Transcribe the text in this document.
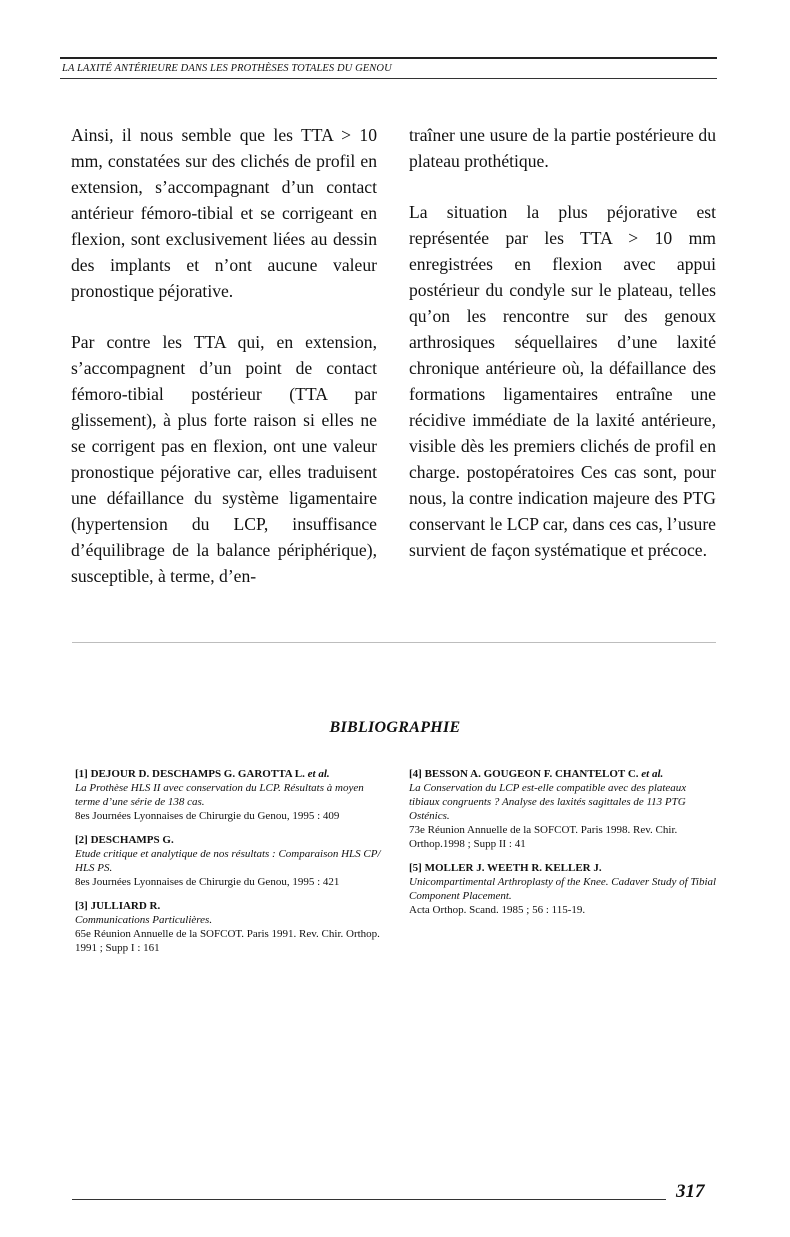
LA LAXITÉ ANTÉRIEURE DANS LES PROTHÈSES TOTALES DU GENOU

Ainsi, il nous semble que les TTA > 10 mm, constatées sur des clichés de profil en extension, s’accompagnant d’un contact antérieur fémoro-tibial et se corrigeant en flexion, sont exclusivement liées au dessin des implants et n’ont aucune valeur pronostique péjorative.

Par contre les TTA qui, en extension, s’accompagnent d’un point de contact fémoro-tibial postérieur (TTA par glissement), à plus forte raison si elles ne se corrigent pas en flexion, ont une valeur pronostique péjorative car, elles traduisent une défaillance du système ligamentaire (hypertension du LCP, insuffisance d’équilibrage de la balance périphérique), susceptible, à terme, d’en-

traîner une usure de la partie postérieure du plateau prothétique.

La situation la plus péjorative est représentée par les TTA > 10 mm enregistrées en flexion avec appui postérieur du condyle sur le plateau, telles qu’on les rencontre sur des genoux arthrosiques séquellaires d’une laxité chronique antérieure où, la défaillance des formations ligamentaires entraîne une récidive immédiate de la laxité antérieure, visible dès les premiers clichés de profil en charge. postopératoires Ces cas sont, pour nous, la contre indication majeure des PTG conservant le LCP car, dans ces cas, l’usure survient de façon systématique et précoce.

BIBLIOGRAPHIE
[1] DEJOUR D. DESCHAMPS G. GAROTTA L. et al.
La Prothèse HLS II avec conservation du LCP. Résultats à moyen terme d’une série de 138 cas.
8es Journées Lyonnaises de Chirurgie du Genou, 1995 : 409
[2] DESCHAMPS G.
Etude critique et analytique de nos résultats : Comparaison HLS CP/ HLS PS.
8es Journées Lyonnaises de Chirurgie du Genou, 1995 : 421
[3] JULLIARD R.
Communications Particulières.
65e Réunion Annuelle de la SOFCOT. Paris 1991. Rev. Chir. Orthop. 1991 ; Supp I : 161
[4] BESSON A. GOUGEON F. CHANTELOT C. et al.
La Conservation du LCP est-elle compatible avec des plateaux tibiaux congruents ? Analyse des laxités sagittales de 113 PTG Osténics.
73e Réunion Annuelle de la SOFCOT. Paris 1998. Rev. Chir. Orthop.1998 ; Supp II : 41
[5] MOLLER J. WEETH R. KELLER J.
Unicompartimental Arthroplasty of the Knee. Cadaver Study of Tibial Component Placement.
Acta Orthop. Scand. 1985 ; 56 : 115-19.
317
